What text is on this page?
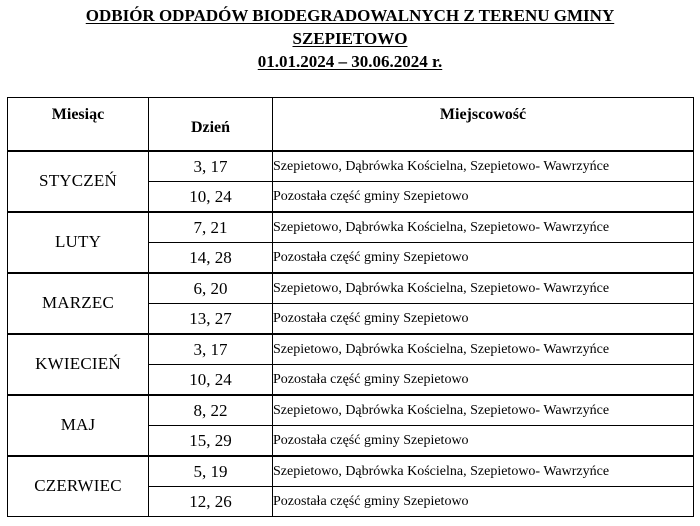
ODBIÓR ODPADÓW BIODEGRADOWALNYCH Z TERENU GMINY
SZEPIETOWO
01.01.2024 – 30.06.2024 r.
Miesiąc	Dzień	Miejscowość

STYCZEŃ	3, 17	Szepietowo, Dąbrówka Kościelna, Szepietowo- Wawrzyńce
	10, 24	Pozostała część gminy Szepietowo
LUTY	7, 21	Szepietowo, Dąbrówka Kościelna, Szepietowo- Wawrzyńce
	14, 28	Pozostała część gminy Szepietowo
MARZEC	6, 20	Szepietowo, Dąbrówka Kościelna, Szepietowo- Wawrzyńce
	13, 27	Pozostała część gminy Szepietowo
KWIECIEŃ	3, 17	Szepietowo, Dąbrówka Kościelna, Szepietowo- Wawrzyńce
	10, 24	Pozostała część gminy Szepietowo
MAJ	8, 22	Szepietowo, Dąbrówka Kościelna, Szepietowo- Wawrzyńce
	15, 29	Pozostała część gminy Szepietowo
CZERWIEC	5, 19	Szepietowo, Dąbrówka Kościelna, Szepietowo- Wawrzyńce
	12, 26	Pozostała część gminy Szepietowo
